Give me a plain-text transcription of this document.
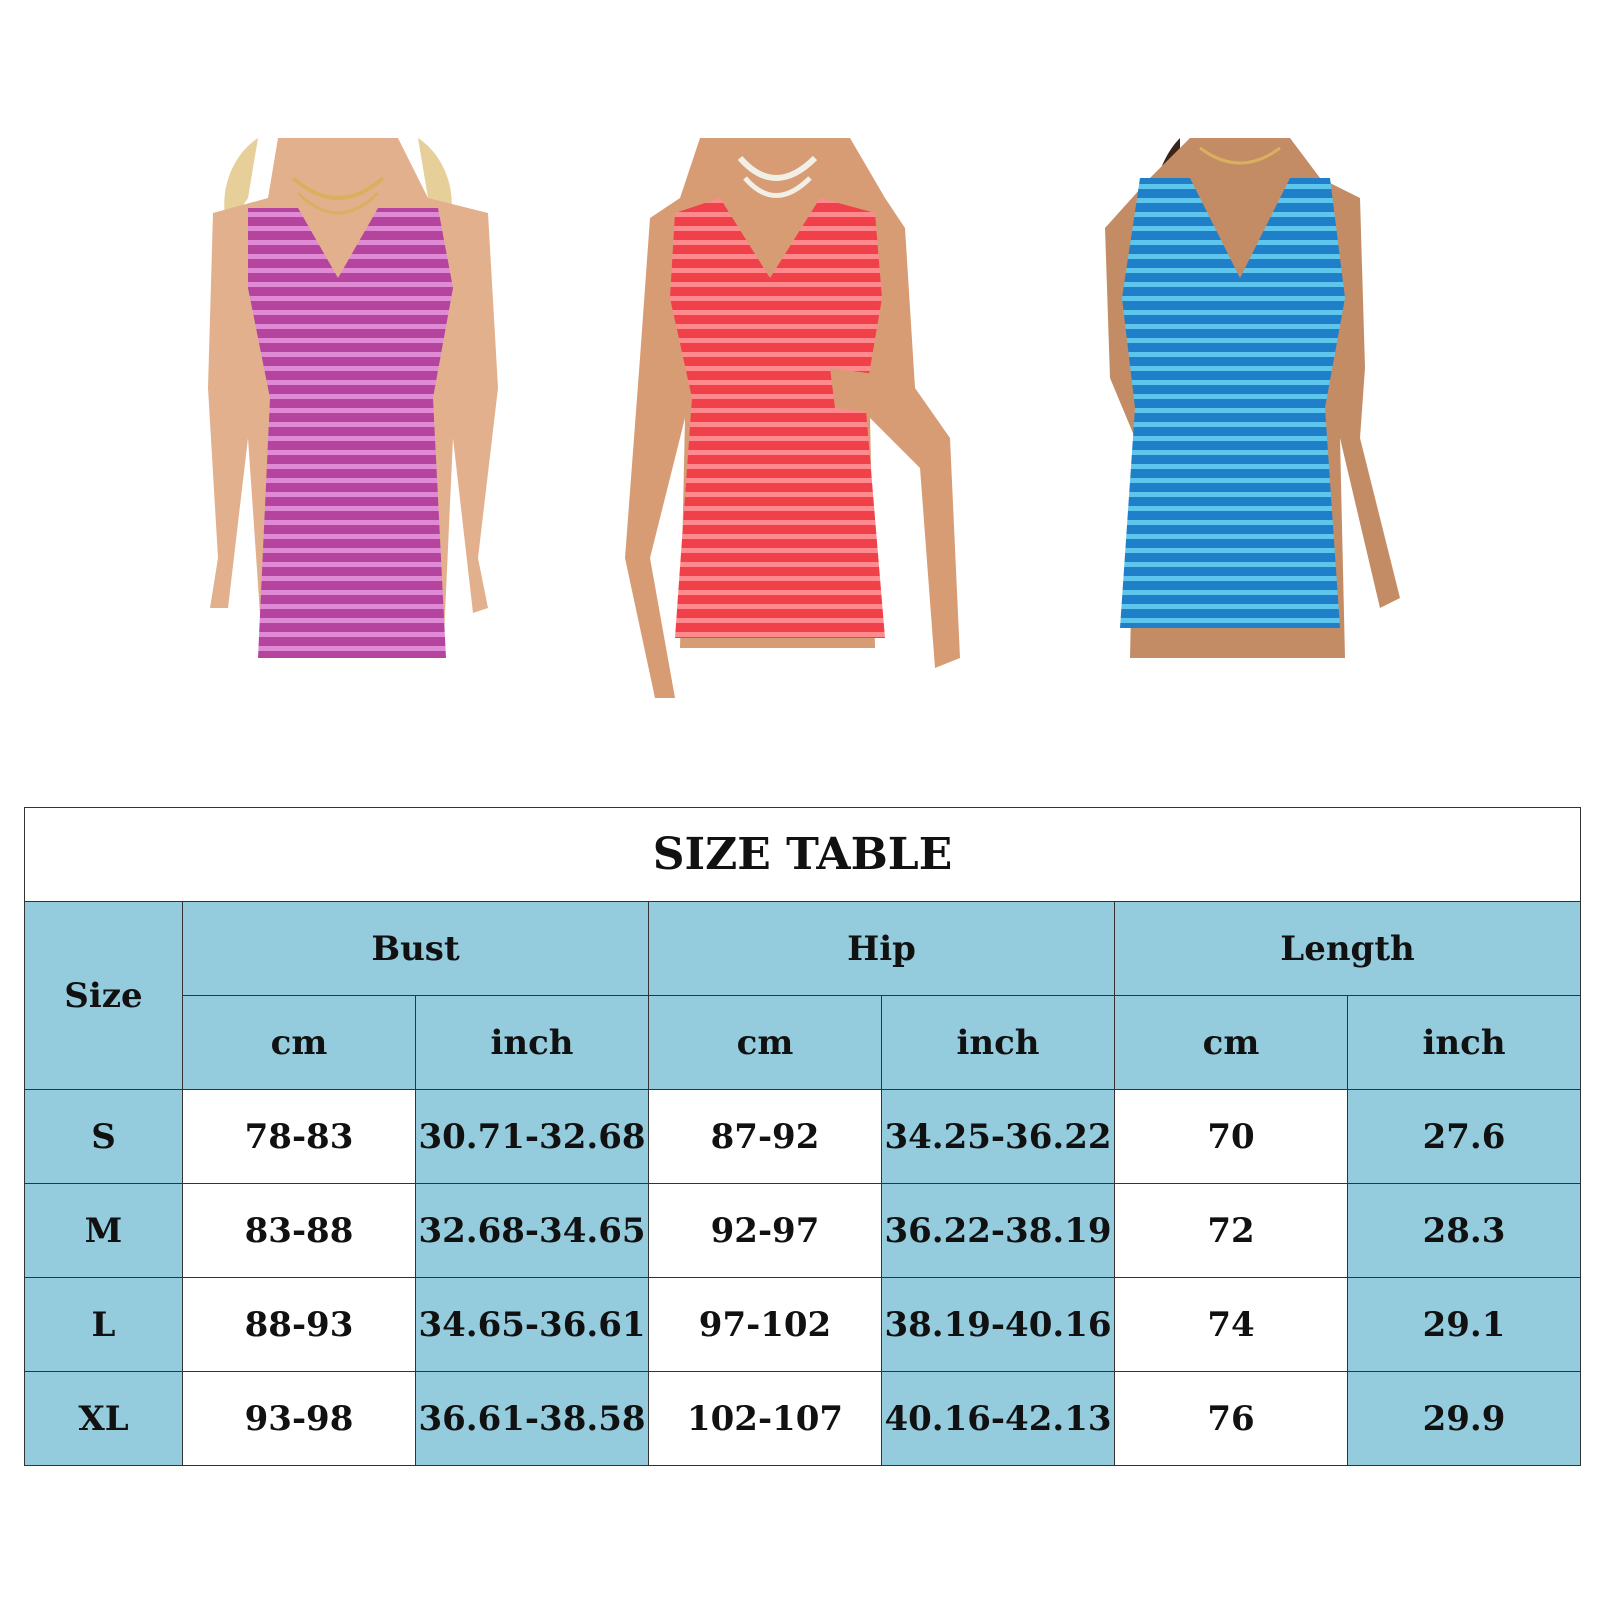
SIZE TABLE						
Size	Bust		Hip		Length	
	cm	inch	cm	inch	cm	inch
S	78-83	30.71-32.68	87-92	34.25-36.22	70	27.6
M	83-88	32.68-34.65	92-97	36.22-38.19	72	28.3
L	88-93	34.65-36.61	97-102	38.19-40.16	74	29.1
XL	93-98	36.61-38.58	102-107	40.16-42.13	76	29.9
